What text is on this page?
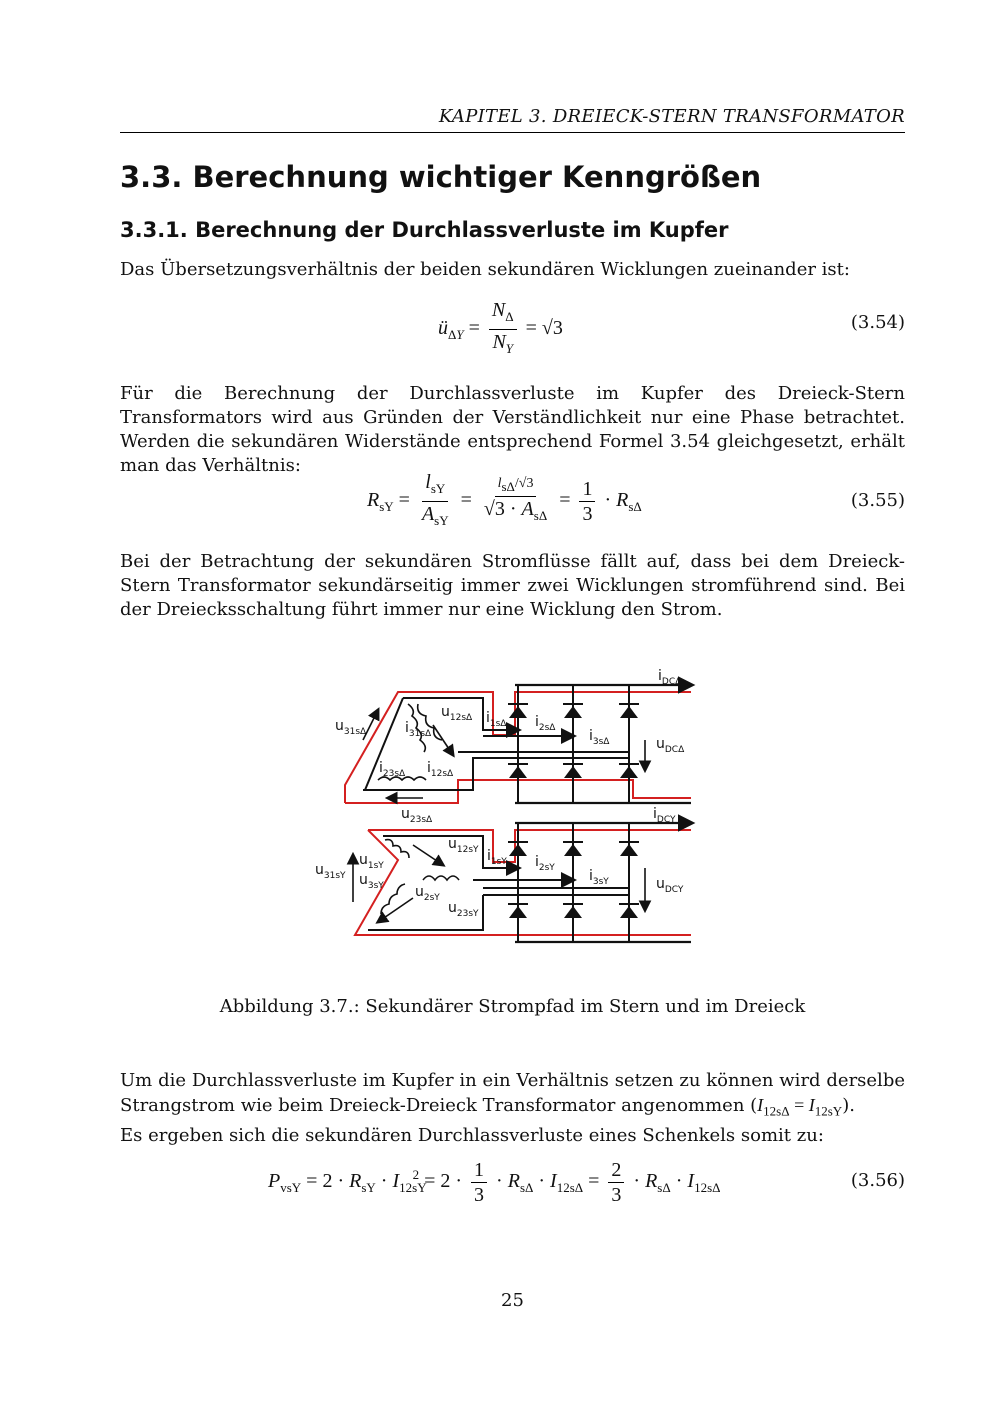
KAPITEL 3. DREIECK-STERN TRANSFORMATOR
3.3. Berechnung wichtiger Kenngrößen
3.3.1. Berechnung der Durchlassverluste im Kupfer

Das Übersetzungsverhältnis der beiden sekundären Wicklungen zueinander ist:

$ü_{\Delta Y} = \frac{N_\Delta}{N_Y} = √3$	(3.54)

Für die Berechnung der Durchlassverluste im Kupfer des Dreieck-Stern Transformators wird aus Gründen der Verständlichkeit nur eine Phase betrachtet. Werden die sekundären Widerstände entsprechend Formel 3.54 gleichgesetzt, erhält man das Verhältnis:

$R_{sY} = \frac{l_{sY}}{A_{sY}} = \frac{l_{s\Delta}/√3}{√3 \cdot A_{s\Delta}} = \frac{1}{3} \cdot R_{s\Delta}$	(3.55)

Bei der Betrachtung der sekundären Stromflüsse fällt auf, dass bei dem Dreieck-Stern Transformator sekundärseitig immer zwei Wicklungen stromführend sind. Bei der Dreiecksschaltung führt immer nur eine Wicklung den Strom.

$i_{DC\Delta}$
$u_{DC\Delta}$
$u_{31s\Delta}$
$u_{12s\Delta}$
$u_{23s\Delta}$
$i_{31s\Delta}$
$i_{23s\Delta}$ $i_{12s\Delta}$
$i_{1s\Delta}$ $i_{2s\Delta}$ $i_{3s\Delta}$
$i_{DCY}$
$u_{DCY}$
$u_{31sY}$
$u_{1sY}$
$u_{3sY}$
$u_{12sY}$
$u_{2sY}$
$u_{23sY}$
$i_{1sY}$ $i_{2sY}$ $i_{3sY}$
Abbildung 3.7.: Sekundärer Strompfad im Stern und im Dreieck

Um die Durchlassverluste im Kupfer in ein Verhältnis setzen zu können wird derselbe Strangstrom wie beim Dreieck-Dreieck Transformator angenommen $(I_{12s\Delta} = I_{12sY})$.
Es ergeben sich die sekundären Durchlassverluste eines Schenkels somit zu:

$P_{vsY} = 2 \cdot R_{sY} \cdot I_{12sY}^2 = 2 \cdot \frac{1}{3} \cdot R_{s\Delta} \cdot I_{12s\Delta} = \frac{2}{3} \cdot R_{s\Delta} \cdot I_{12s\Delta}$	(3.56)
25
